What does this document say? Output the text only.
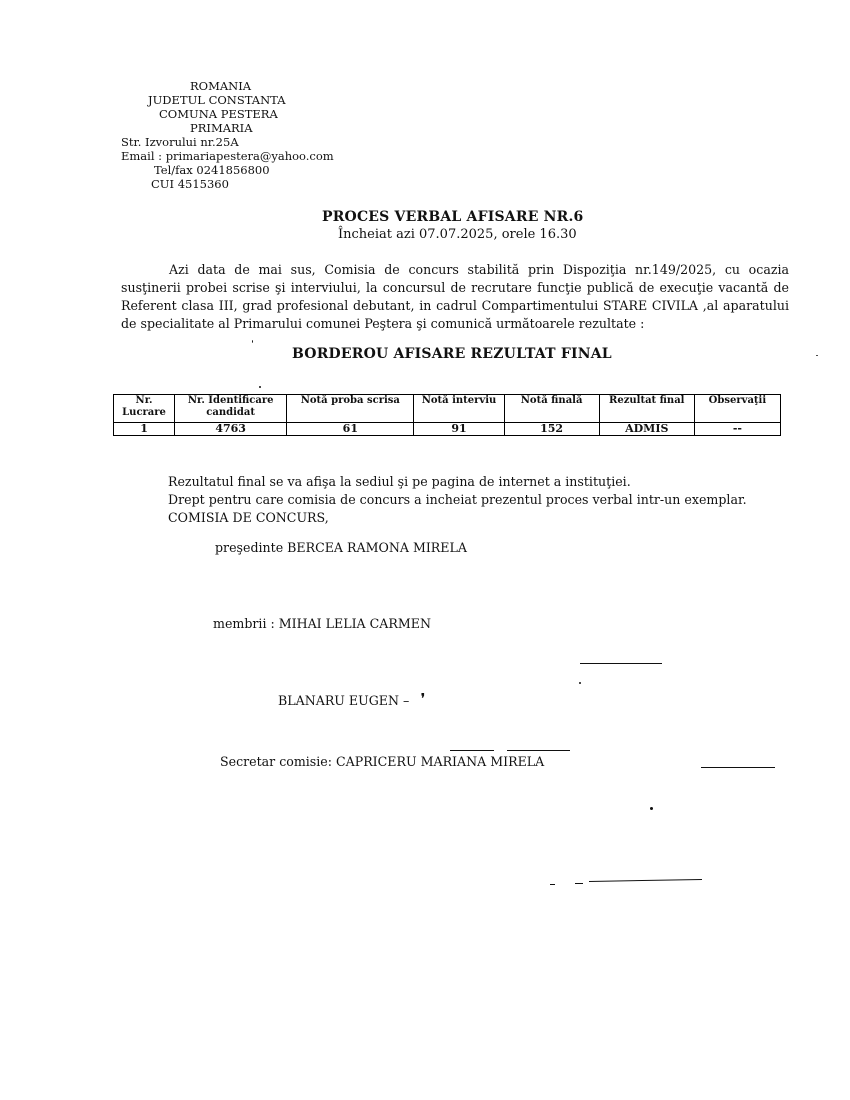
ROMANIA
JUDETUL CONSTANTA
COMUNA PESTERA
PRIMARIA
Str. Izvorului nr.25A
Email : primariapestera@yahoo.com
Tel/fax 0241856800
CUI 4515360
PROCES VERBAL AFISARE NR.6
Încheiat azi 07.07.2025, orele 16.30
Azi data de mai sus, Comisia de concurs stabilită prin Dispoziţia nr.149/2025, cu ocazia susţinerii probei scrise şi interviului, la concursul de recrutare funcţie publică de execuţie vacantă de Referent clasa III, grad profesional debutant, in cadrul Compartimentului STARE CIVILA ,al aparatului de specialitate al Primarului comunei Peştera şi comunică următoarele rezultate :
BORDEROU AFISARE REZULTAT FINAL
Nr. Lucrare	Nr. Identificare candidat	Notă proba scrisa	Notă interviu	Notă finală	Rezultat final	Observaţii
1	4763	61	91	152	ADMIS	--
Rezultatul final se va afişa la sediul şi pe pagina de internet a instituţiei.
Drept pentru care comisia de concurs a incheiat prezentul proces verbal intr-un exemplar.
COMISIA DE CONCURS,
preşedinte BERCEA RAMONA MIRELA
membrii : MIHAI LELIA CARMEN
BLANARU EUGEN –
Secretar comisie: CAPRICERU MARIANA MIRELA
❜
